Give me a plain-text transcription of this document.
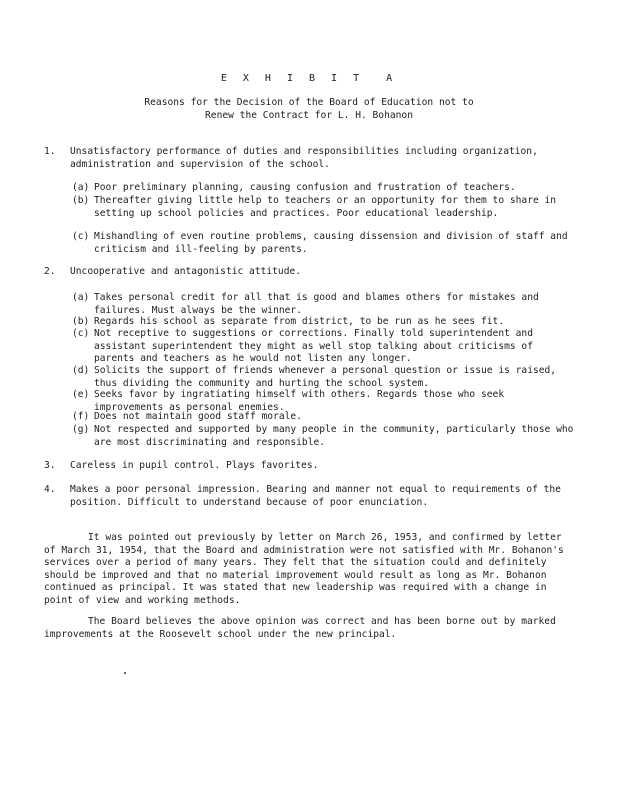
E X H I B I T  A
Reasons for the Decision of the Board of Education not to
Renew the Contract for L. H. Bohanon
1. Unsatisfactory performance of duties and responsibilities including organization, administration and supervision of the school.
(a) Poor preliminary planning, causing confusion and frustration of teachers.
(b) Thereafter giving little help to teachers or an opportunity for them to share in setting up school policies and practices. Poor educational leadership.
(c) Mishandling of even routine problems, causing dissension and division of staff and criticism and ill-feeling by parents.
2. Uncooperative and antagonistic attitude.
(a) Takes personal credit for all that is good and blames others for mistakes and failures. Must always be the winner.
(b) Regards his school as separate from district, to be run as he sees fit.
(c) Not receptive to suggestions or corrections. Finally told superintendent and assistant superintendent they might as well stop talking about criticisms of parents and teachers as he would not listen any longer.
(d) Solicits the support of friends whenever a personal question or issue is raised, thus dividing the community and hurting the school system.
(e) Seeks favor by ingratiating himself with others. Regards those who seek improvements as personal enemies.
(f) Does not maintain good staff morale.
(g) Not respected and supported by many people in the community, particularly those who are most discriminating and responsible.
3. Careless in pupil control. Plays favorites.
4. Makes a poor personal impression. Bearing and manner not equal to requirements of the position. Difficult to understand because of poor enunciation.
It was pointed out previously by letter on March 26, 1953, and confirmed by letter of March 31, 1954, that the Board and administration were not satisfied with Mr. Bohanon's services over a period of many years. They felt that the situation could and definitely should be improved and that no material improvement would result as long as Mr. Bohanon continued as principal. It was stated that new leadership was required with a change in point of view and working methods.
The Board believes the above opinion was correct and has been borne out by marked improvements at the Roosevelt school under the new principal.
